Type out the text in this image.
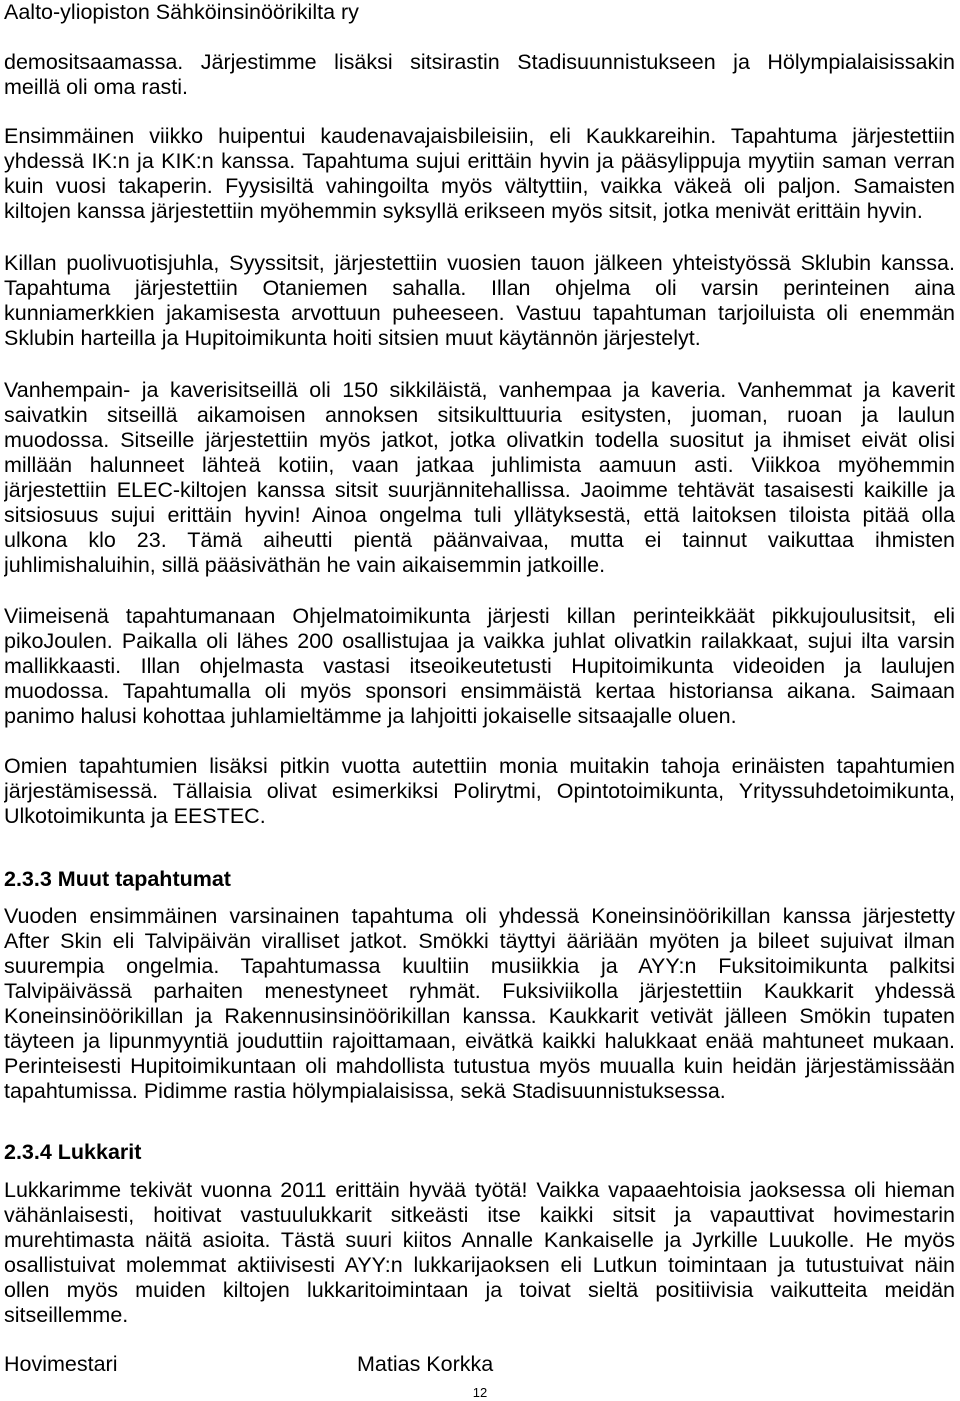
Aalto-yliopiston Sähköinsinöörikilta ry
demositsaamassa. Järjestimme lisäksi sitsirastin Stadisuunnistukseen ja Hölympialaisissakin
meillä oli oma rasti.
Ensimmäinen viikko huipentui kaudenavajaisbileisiin, eli Kaukkareihin. Tapahtuma järjestettiin
yhdessä IK:n ja KIK:n kanssa. Tapahtuma sujui erittäin hyvin ja pääsylippuja myytiin saman verran
kuin vuosi takaperin. Fyysisiltä vahingoilta myös vältyttiin, vaikka väkeä oli paljon. Samaisten
kiltojen kanssa järjestettiin myöhemmin syksyllä erikseen myös sitsit, jotka menivät erittäin hyvin.
Killan puolivuotisjuhla, Syyssitsit, järjestettiin vuosien tauon jälkeen yhteistyössä Sklubin kanssa.
Tapahtuma järjestettiin Otaniemen sahalla. Illan ohjelma oli varsin perinteinen aina
kunniamerkkien jakamisesta arvottuun puheeseen. Vastuu tapahtuman tarjoiluista oli enemmän
Sklubin harteilla ja Hupitoimikunta hoiti sitsien muut käytännön järjestelyt.
Vanhempain- ja kaverisitseillä oli 150 sikkiläistä, vanhempaa ja kaveria. Vanhemmat ja kaverit
saivatkin sitseillä aikamoisen annoksen sitsikulttuuria esitysten, juoman, ruoan ja laulun
muodossa. Sitseille järjestettiin myös jatkot, jotka olivatkin todella suositut ja ihmiset eivät olisi
millään halunneet lähteä kotiin, vaan jatkaa juhlimista aamuun asti. Viikkoa myöhemmin
järjestettiin ELEC-kiltojen kanssa sitsit suurjännitehallissa. Jaoimme tehtävät tasaisesti kaikille ja
sitsiosuus sujui erittäin hyvin! Ainoa ongelma tuli yllätyksestä, että laitoksen tiloista pitää olla
ulkona klo 23. Tämä aiheutti pientä päänvaivaa, mutta ei tainnut vaikuttaa ihmisten
juhlimishaluihin, sillä pääsiväthän he vain aikaisemmin jatkoille.
Viimeisenä tapahtumanaan Ohjelmatoimikunta järjesti killan perinteikkäät pikkujoulusitsit, eli
pikoJoulen. Paikalla oli lähes 200 osallistujaa ja vaikka juhlat olivatkin railakkaat, sujui ilta varsin
mallikkaasti. Illan ohjelmasta vastasi itseoikeutetusti Hupitoimikunta videoiden ja laulujen
muodossa. Tapahtumalla oli myös sponsori ensimmäistä kertaa historiansa aikana. Saimaan
panimo halusi kohottaa juhlamieltämme ja lahjoitti jokaiselle sitsaajalle oluen.
Omien tapahtumien lisäksi pitkin vuotta autettiin monia muitakin tahoja erinäisten tapahtumien
järjestämisessä. Tällaisia olivat esimerkiksi Polirytmi, Opintotoimikunta, Yrityssuhdetoimikunta,
Ulkotoimikunta ja EESTEC.
2.3.3 Muut tapahtumat
Vuoden ensimmäinen varsinainen tapahtuma oli yhdessä Koneinsinöörikillan kanssa järjestetty
After Skin eli Talvipäivän viralliset jatkot. Smökki täyttyi ääriään myöten ja bileet sujuivat ilman
suurempia ongelmia. Tapahtumassa kuultiin musiikkia ja AYY:n Fuksitoimikunta palkitsi
Talvipäivässä parhaiten menestyneet ryhmät. Fuksiviikolla järjestettiin Kaukkarit yhdessä
Koneinsinöörikillan ja Rakennusinsinöörikillan kanssa. Kaukkarit vetivät jälleen Smökin tupaten
täyteen ja lipunmyyntiä jouduttiin rajoittamaan, eivätkä kaikki halukkaat enää mahtuneet mukaan.
Perinteisesti Hupitoimikuntaan oli mahdollista tutustua myös muualla kuin heidän järjestämissään
tapahtumissa. Pidimme rastia hölympialaisissa, sekä Stadisuunnistuksessa.
2.3.4 Lukkarit
Lukkarimme tekivät vuonna 2011 erittäin hyvää työtä! Vaikka vapaaehtoisia jaoksessa oli hieman
vähänlaisesti, hoitivat vastuulukkarit sitkeästi itse kaikki sitsit ja vapauttivat hovimestarin
murehtimasta näitä asioita. Tästä suuri kiitos Annalle Kankaiselle ja Jyrkille Luukolle. He myös
osallistuivat molemmat aktiivisesti AYY:n lukkarijaoksen eli Lutkun toimintaan ja tutustuivat näin
ollen myös muiden kiltojen lukkaritoimintaan ja toivat sieltä positiivisia vaikutteita meidän
sitseillemme.
Hovimestari	Matias Korkka
12
